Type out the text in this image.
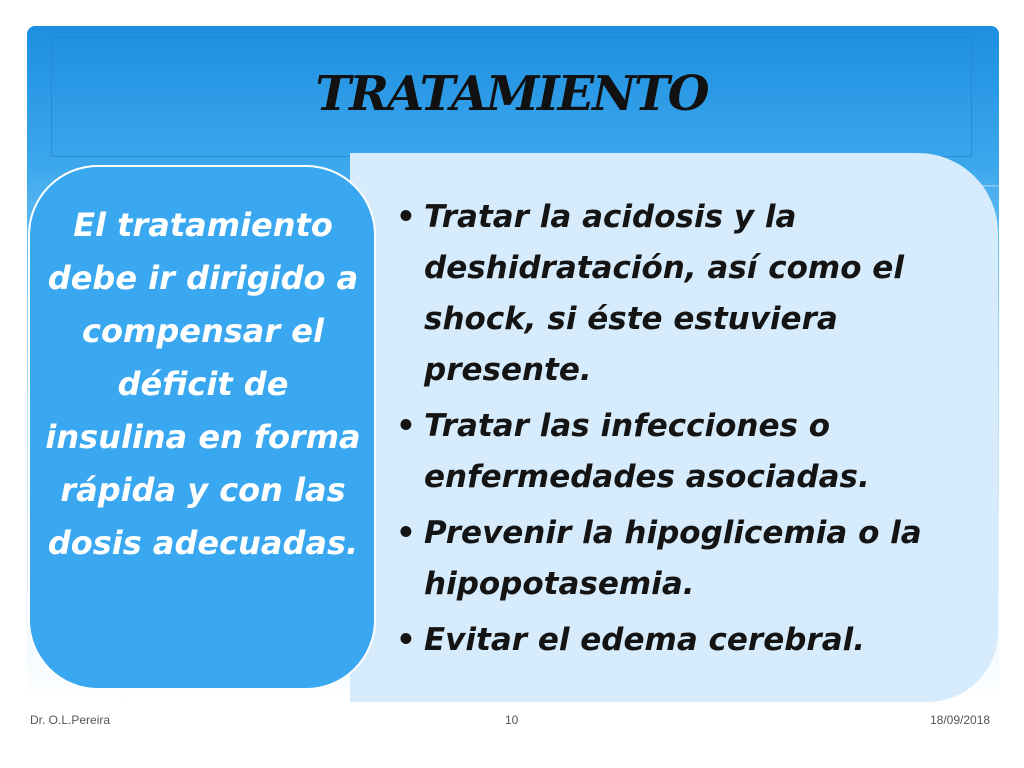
TRATAMIENTO

El tratamiento debe ir dirigido a compensar el déficit de insulina en forma rápida y con las dosis adecuadas.

• Tratar la acidosis y la deshidratación, así como el shock, si éste estuviera presente.
• Tratar las infecciones o enfermedades asociadas.
• Prevenir la hipoglicemia o la hipopotasemia.
• Evitar el edema cerebral.
Dr. O.L.Pereira	10	18/09/2018
